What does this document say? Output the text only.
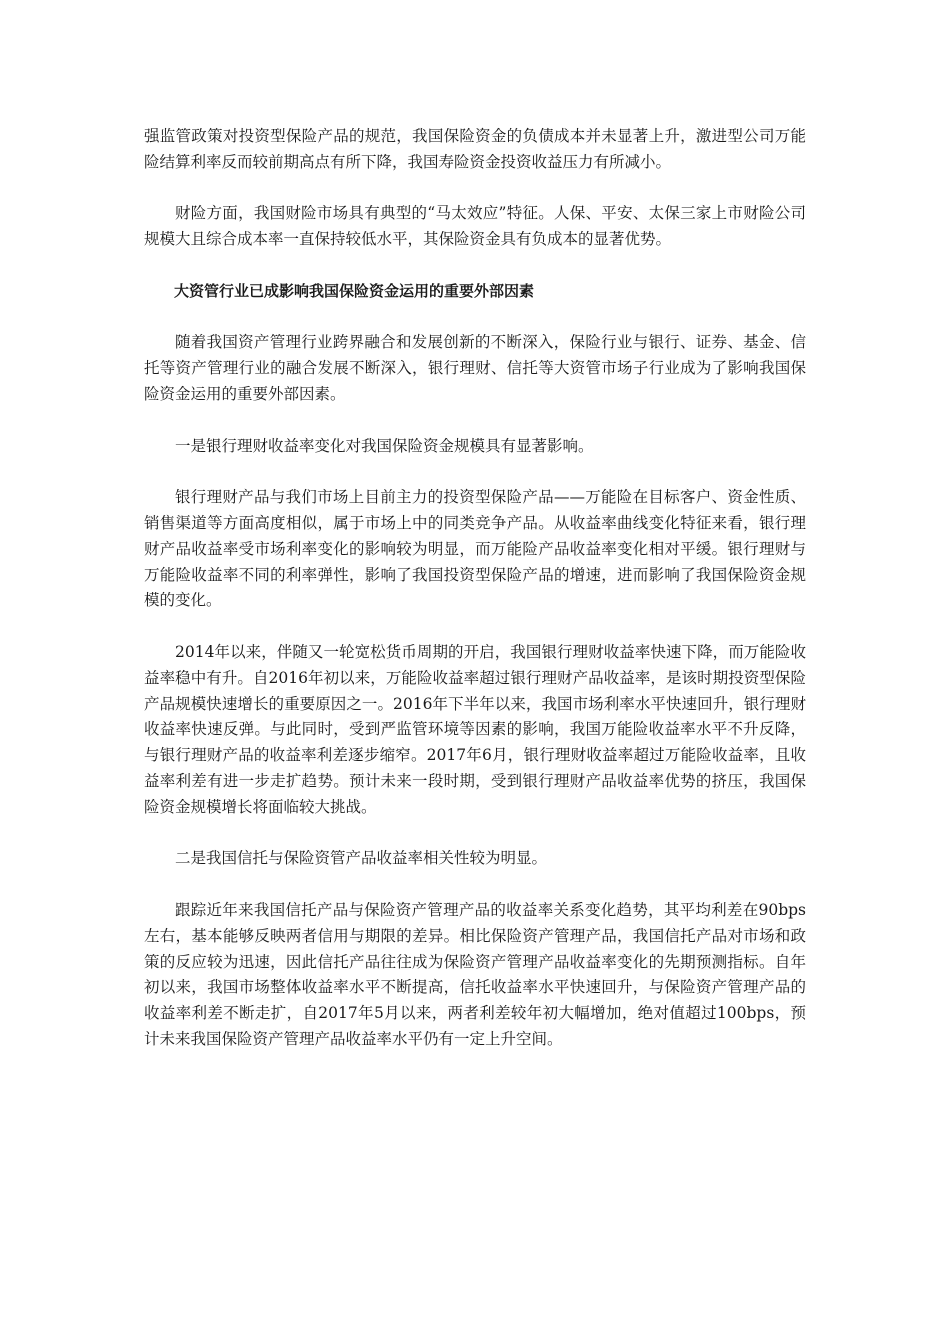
强监管政策对投资型保险产品的规范，我国保险资金的负债成本并未显著上升，激进型公司万能险结算利率反而较前期高点有所下降，我国寿险资金投资收益压力有所减小。

财险方面，我国财险市场具有典型的“马太效应”特征。人保、平安、太保三家上市财险公司规模大且综合成本率一直保持较低水平，其保险资金具有负成本的显著优势。

大资管行业已成影响我国保险资金运用的重要外部因素

随着我国资产管理行业跨界融合和发展创新的不断深入，保险行业与银行、证券、基金、信托等资产管理行业的融合发展不断深入，银行理财、信托等大资管市场子行业成为了影响我国保险资金运用的重要外部因素。

一是银行理财收益率变化对我国保险资金规模具有显著影响。

银行理财产品与我们市场上目前主力的投资型保险产品——万能险在目标客户、资金性质、销售渠道等方面高度相似，属于市场上中的同类竞争产品。从收益率曲线变化特征来看，银行理财产品收益率受市场利率变化的影响较为明显，而万能险产品收益率变化相对平缓。银行理财与万能险收益率不同的利率弹性，影响了我国投资型保险产品的增速，进而影响了我国保险资金规模的变化。

2014年以来，伴随又一轮宽松货币周期的开启，我国银行理财收益率快速下降，而万能险收益率稳中有升。自2016年初以来，万能险收益率超过银行理财产品收益率，是该时期投资型保险产品规模快速增长的重要原因之一。2016年下半年以来，我国市场利率水平快速回升，银行理财收益率快速反弹。与此同时，受到严监管环境等因素的影响，我国万能险收益率水平不升反降，与银行理财产品的收益率利差逐步缩窄。2017年6月，银行理财收益率超过万能险收益率，且收益率利差有进一步走扩趋势。预计未来一段时期，受到银行理财产品收益率优势的挤压，我国保险资金规模增长将面临较大挑战。

二是我国信托与保险资管产品收益率相关性较为明显。

跟踪近年来我国信托产品与保险资产管理产品的收益率关系变化趋势，其平均利差在90bps左右，基本能够反映两者信用与期限的差异。相比保险资产管理产品，我国信托产品对市场和政策的反应较为迅速，因此信托产品往往成为保险资产管理产品收益率变化的先期预测指标。自年初以来，我国市场整体收益率水平不断提高，信托收益率水平快速回升，与保险资产管理产品的收益率利差不断走扩，自2017年5月以来，两者利差较年初大幅增加，绝对值超过100bps，预计未来我国保险资产管理产品收益率水平仍有一定上升空间。
